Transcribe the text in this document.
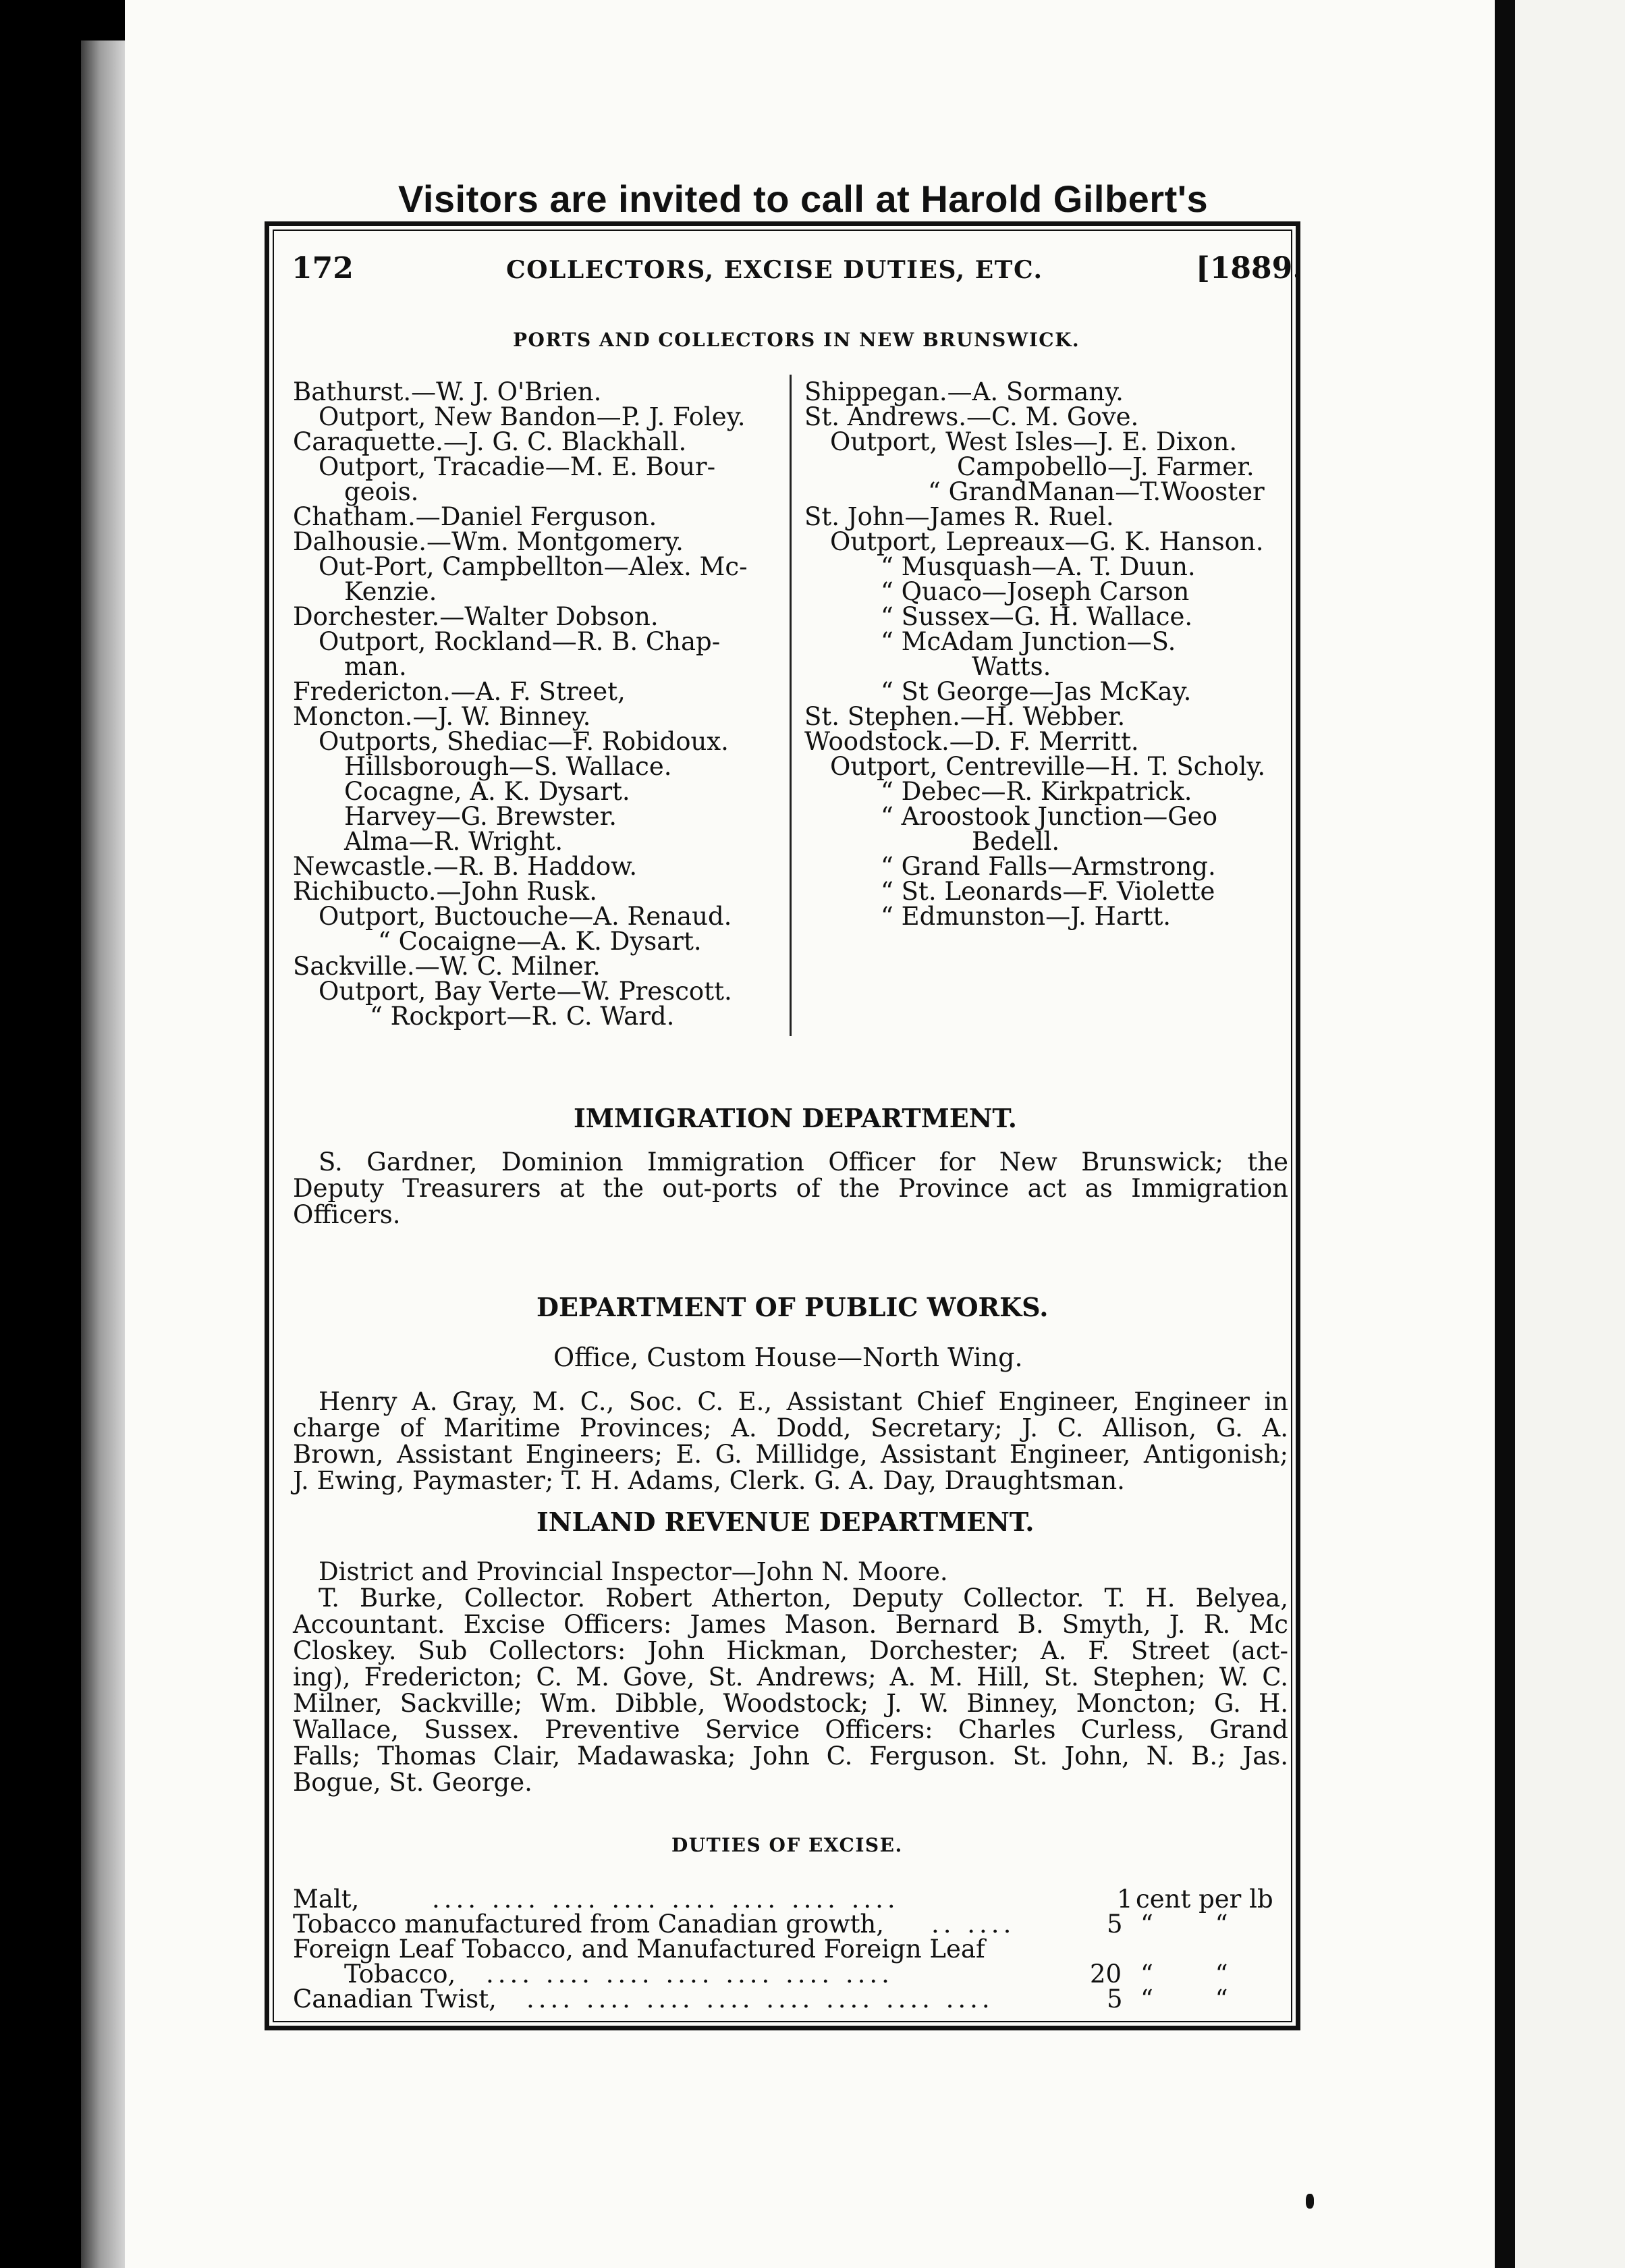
Visitors are invited to call at Harold Gilbert's
172	COLLECTORS, EXCISE DUTIES, ETC.	[1889.
PORTS AND COLLECTORS IN NEW BRUNSWICK.
Bathurst.—W. J. O'Brien.
Outport, New Bandon—P. J. Foley.
Caraquette.—J. G. C. Blackhall.
Outport, Tracadie—M. E. Bour-
geois.
Chatham.—Daniel Ferguson.
Dalhousie.—Wm. Montgomery.
Out-Port, Campbellton—Alex. Mc-
Kenzie.
Dorchester.—Walter Dobson.
Outport, Rockland—R. B. Chap-
man.
Fredericton.—A. F. Street,
Moncton.—J. W. Binney.
Outports, Shediac—F. Robidoux.
Hillsborough—S. Wallace.
Cocagne, A. K. Dysart.
Harvey—G. Brewster.
Alma—R. Wright.
Newcastle.—R. B. Haddow.
Richibucto.—John Rusk.
Outport, Buctouche—A. Renaud.
“ Cocaigne—A. K. Dysart.
Sackville.—W. C. Milner.
Outport, Bay Verte—W. Prescott.
“ Rockport—R. C. Ward.
Shippegan.—A. Sormany.
St. Andrews.—C. M. Gove.
Outport, West Isles—J. E. Dixon.
Campobello—J. Farmer.
“ GrandManan—T.Wooster
St. John—James R. Ruel.
Outport, Lepreaux—G. K. Hanson.
“ Musquash—A. T. Duun.
“ Quaco—Joseph Carson
“ Sussex—G. H. Wallace.
“ McAdam Junction—S.
Watts.
“ St George—Jas McKay.
St. Stephen.—H. Webber.
Woodstock.—D. F. Merritt.
Outport, Centreville—H. T. Scholy.
“ Debec—R. Kirkpatrick.
“ Aroostook Junction—Geo
Bedell.
“ Grand Falls—Armstrong.
“ St. Leonards—F. Violette
“ Edmunston—J. Hartt.
IMMIGRATION DEPARTMENT.
S. Gardner, Dominion Immigration Officer for New Brunswick; the
Deputy Treasurers at the out-ports of the Province act as Immigration
Officers.
DEPARTMENT OF PUBLIC WORKS.
Office, Custom House—North Wing.
Henry A. Gray, M. C., Soc. C. E., Assistant Chief Engineer, Engineer in
charge of Maritime Provinces; A. Dodd, Secretary; J. C. Allison, G. A.
Brown, Assistant Engineers; E. G. Millidge, Assistant Engineer, Antigonish;
J. Ewing, Paymaster; T. H. Adams, Clerk. G. A. Day, Draughtsman.
INLAND REVENUE DEPARTMENT.
District and Provincial Inspector—John N. Moore.
T. Burke, Collector. Robert Atherton, Deputy Collector. T. H. Belyea,
Accountant. Excise Officers: James Mason. Bernard B. Smyth, J. R. Mc
Closkey. Sub Collectors: John Hickman, Dorchester; A. F. Street (act-
ing), Fredericton; C. M. Gove, St. Andrews; A. M. Hill, St. Stephen; W. C.
Milner, Sackville; Wm. Dibble, Woodstock; J. W. Binney, Moncton; G. H.
Wallace, Sussex. Preventive Service Officers: Charles Curless, Grand
Falls; Thomas Clair, Madawaska; John C. Ferguson. St. John, N. B.; Jas.
Bogue, St. George.
DUTIES OF EXCISE.
Malt,	.... .... .... .... .... .... .... ....	1 cent per lb
Tobacco manufactured from Canadian growth, .. ....	5 “ “
Foreign Leaf Tobacco, and Manufactured Foreign Leaf
Tobacco, .... .... .... .... .... .... ....	20 “ “
Canadian Twist, .... .... .... .... .... .... .... ....	5 “ “
